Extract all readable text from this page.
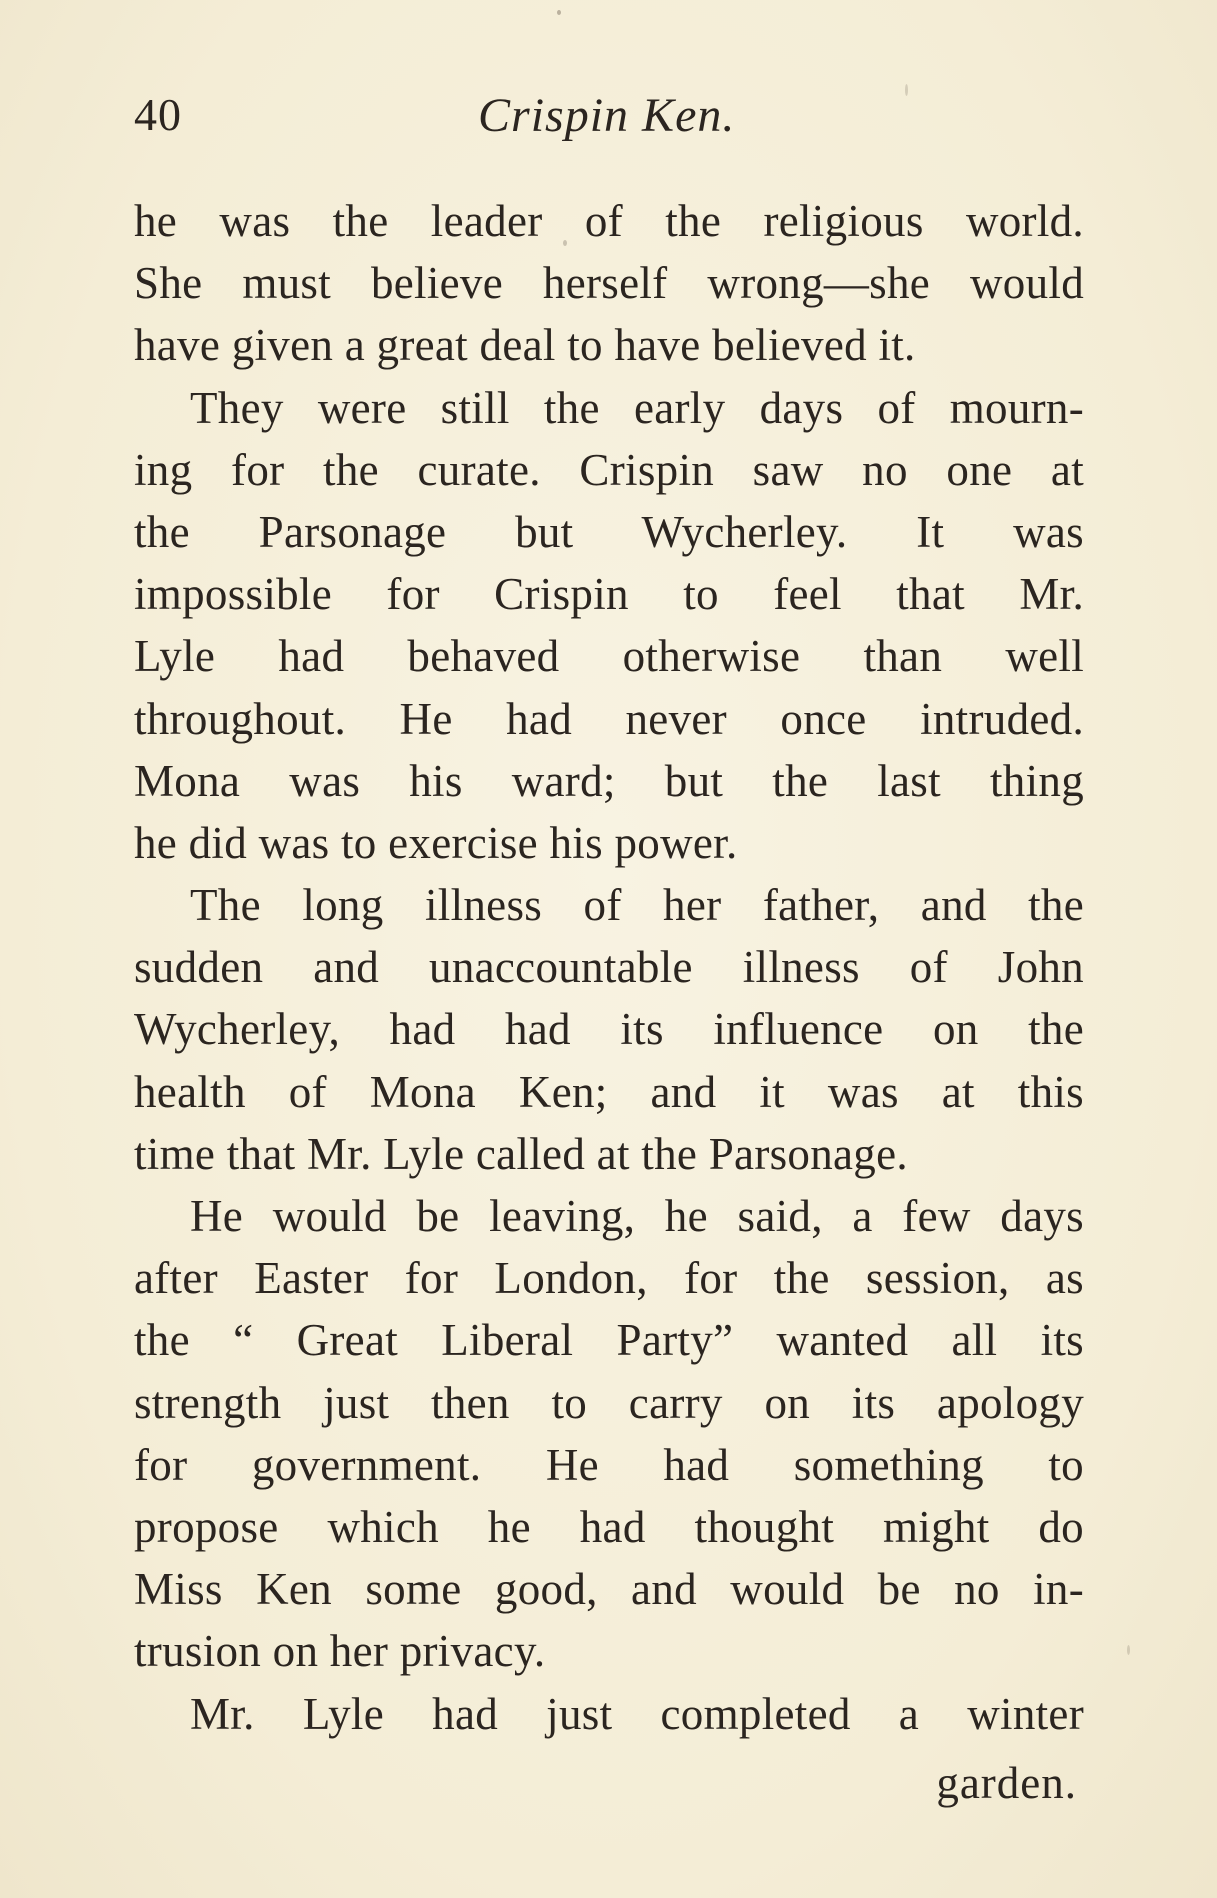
40	Crispin Ken.
he was the leader of the religious world.
She must believe herself wrong—she would
have given a great deal to have believed it.
They were still the early days of mourn-
ing for the curate. Crispin saw no one at
the Parsonage but Wycherley. It was
impossible for Crispin to feel that Mr.
Lyle had behaved otherwise than well
throughout. He had never once intruded.
Mona was his ward; but the last thing
he did was to exercise his power.
The long illness of her father, and the
sudden and unaccountable illness of John
Wycherley, had had its influence on the
health of Mona Ken; and it was at this
time that Mr. Lyle called at the Parsonage.
He would be leaving, he said, a few days
after Easter for London, for the session, as
the “ Great Liberal Party” wanted all its
strength just then to carry on its apology
for government. He had something to
propose which he had thought might do
Miss Ken some good, and would be no in-
trusion on her privacy.
Mr. Lyle had just completed a winter
garden.
